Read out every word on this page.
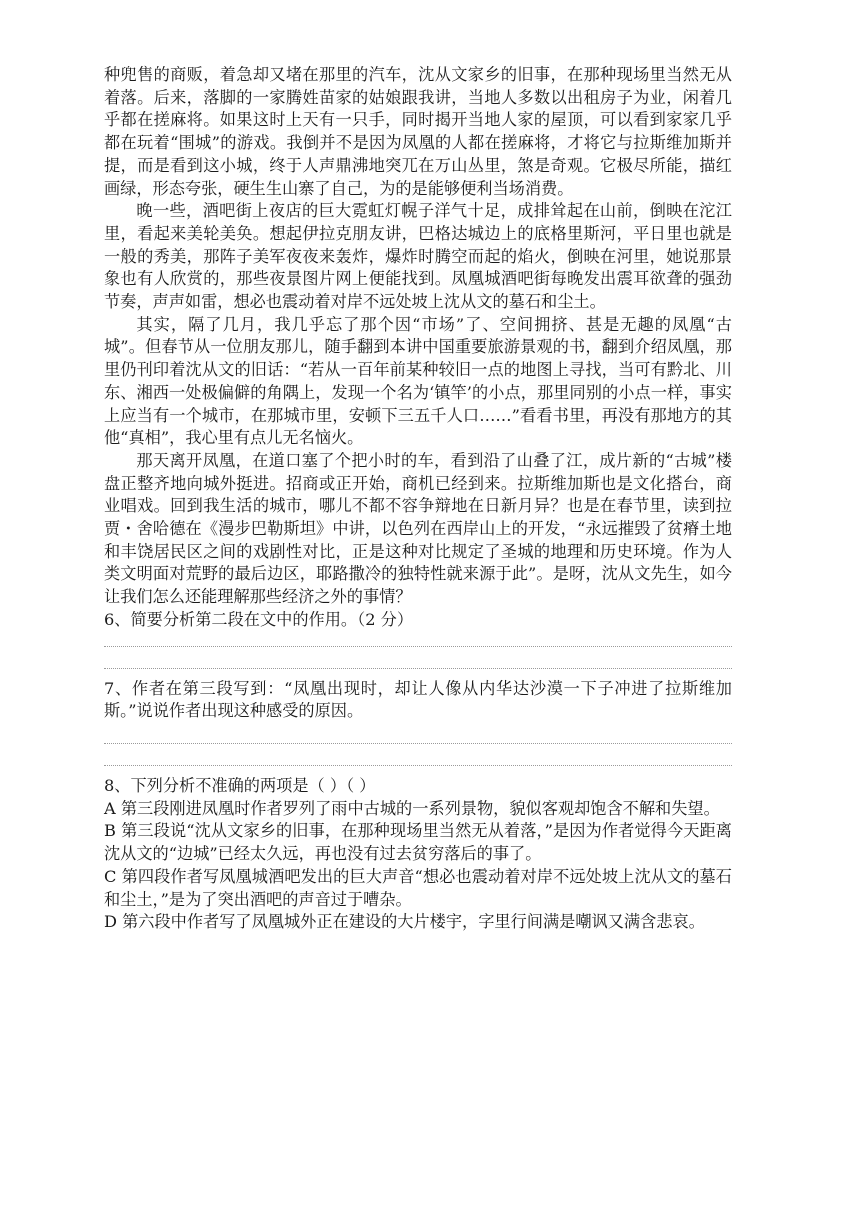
种兜售的商贩，着急却又堵在那里的汽车，沈从文家乡的旧事，在那种现场里当然无从着落。后来，落脚的一家腾姓苗家的姑娘跟我讲，当地人多数以出租房子为业，闲着几乎都在搓麻将。如果这时上天有一只手，同时揭开当地人家的屋顶，可以看到家家几乎都在玩着“围城”的游戏。我倒并不是因为凤凰的人都在搓麻将，才将它与拉斯维加斯并提，而是看到这小城，终于人声鼎沸地突兀在万山丛里，煞是奇观。它极尽所能，描红画绿，形态夸张，硬生生山寨了自己，为的是能够便利当场消费。

晚一些，酒吧街上夜店的巨大霓虹灯幌子洋气十足，成排耸起在山前，倒映在沱江里，看起来美轮美奂。想起伊拉克朋友讲，巴格达城边上的底格里斯河，平日里也就是一般的秀美，那阵子美军夜夜来轰炸，爆炸时腾空而起的焰火，倒映在河里，她说那景象也有人欣赏的，那些夜景图片网上便能找到。凤凰城酒吧街每晚发出震耳欲聋的强劲节奏，声声如雷，想必也震动着对岸不远处坡上沈从文的墓石和尘土。

其实，隔了几月，我几乎忘了那个因“市场”了、空间拥挤、甚是无趣的凤凰“古城”。但春节从一位朋友那儿，随手翻到本讲中国重要旅游景观的书，翻到介绍凤凰，那里仍刊印着沈从文的旧话：“若从一百年前某种较旧一点的地图上寻找，当可有黔北、川东、湘西一处极偏僻的角隅上，发现一个名为‘镇竿’的小点，那里同别的小点一样，事实上应当有一个城市，在那城市里，安顿下三五千人口……”看看书里，再没有那地方的其他“真相”，我心里有点儿无名恼火。

那天离开凤凰，在道口塞了个把小时的车，看到沿了山叠了江，成片新的“古城”楼盘正整齐地向城外挺进。招商或正开始，商机已经到来。拉斯维加斯也是文化搭台，商业唱戏。回到我生活的城市，哪儿不都不容争辩地在日新月异？也是在春节里，读到拉贾・舍哈德在《漫步巴勒斯坦》中讲，以色列在西岸山上的开发，“永远摧毁了贫瘠土地和丰饶居民区之间的戏剧性对比，正是这种对比规定了圣城的地理和历史环境。作为人类文明面对荒野的最后边区，耶路撒冷的独特性就来源于此”。是呀，沈从文先生，如今让我们怎么还能理解那些经济之外的事情？

6、简要分析第二段在文中的作用。（2 分）

7、作者在第三段写到：“凤凰出现时，却让人像从内华达沙漠一下子冲进了拉斯维加斯。”说说作者出现这种感受的原因。

8、下列分析不准确的两项是（ ）（ ）

A 第三段刚进凤凰时作者罗列了雨中古城的一系列景物，貌似客观却饱含不解和失望。

B 第三段说“沈从文家乡的旧事，在那种现场里当然无从着落，”是因为作者觉得今天距离沈从文的“边城”已经太久远，再也没有过去贫穷落后的事了。

C 第四段作者写凤凰城酒吧发出的巨大声音“想必也震动着对岸不远处坡上沈从文的墓石和尘土，”是为了突出酒吧的声音过于嘈杂。

D 第六段中作者写了凤凰城外正在建设的大片楼宇，字里行间满是嘲讽又满含悲哀。
